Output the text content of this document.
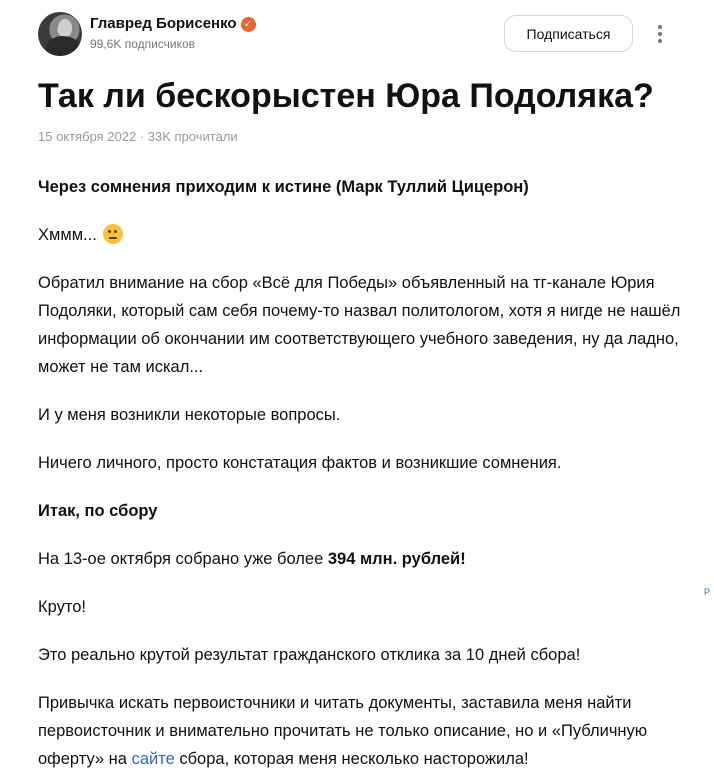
Главред Борисенко ✓
99,6K подписчиков
Подписаться
Так ли бескорыстен Юра Подоляка?
15 октября 2022 · 33K прочитали

Через сомнения приходим к истине (Марк Туллий Цицерон)

Хммм...

Обратил внимание на сбор «Всё для Победы» объявленный на тг-канале Юрия Подоляки, который сам себя почему-то назвал политологом, хотя я нигде не нашёл информации об окончании им соответствующего учебного заведения, ну да ладно, может не там искал...

И у меня возникли некоторые вопросы.

Ничего личного, просто констатация фактов и возникшие сомнения.

Итак, по сбору

На 13-ое октября собрано уже более 394 млн. рублей!

Круто!

Это реально крутой результат гражданского отклика за 10 дней сбора!

Привычка искать первоисточники и читать документы, заставила меня найти первоисточник и внимательно прочитать не только описание, но и «Публичную оферту» на сайте сбора, которая меня несколько насторожила!

P
